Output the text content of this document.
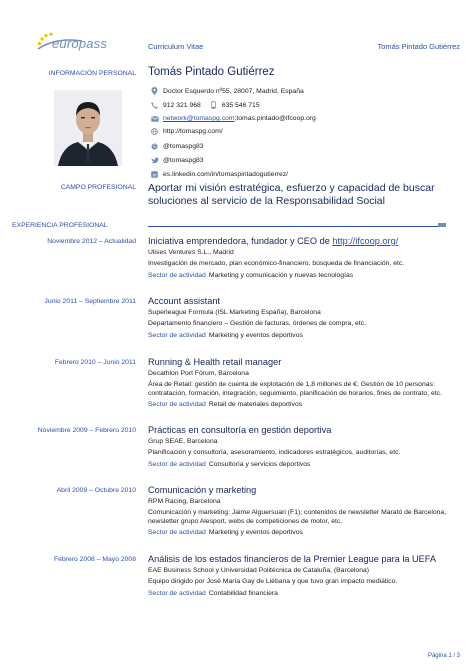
europass	Curriculum Vitae	Tomás Pintado Gutiérrez
INFORMACIÓN PERSONAL Tomás Pintado Gutiérrez
Doctor Esquerdo nº55, 28007, Madrid, España
912 321 968	635 546 715
network@tomaspg.com ; tomas.pintado@ifcoop.org
http://tomaspg.com/
S @tomaspg83
@tomaspg83
in es.linkedin.com/in/tomaspintadogutierrez/
CAMPO PROFESIONAL Aportar mi visión estratégica, esfuerzo y capacidad de buscar soluciones al servicio de la Responsabilidad Social
EXPERIENCIA PROFESIONAL
Noviembre 2012 – Actualidad Iniciativa emprendedora, fundador y CEO de http://ifcoop.org/
Ulises Ventures S.L., Madrid
Investigación de mercado, plan económico-financiero, búsqueda de financiación, etc.
Sector de actividad Marketing y comunicación y nuevas tecnologías
Junio 2011 – Septiembre 2011 Account assistant
Superleague Formula (ISL Marketing España), Barcelona
Departamento financiero – Gestión de facturas, órdenes de compra, etc.
Sector de actividad Marketing y eventos deportivos
Febrero 2010 – Junio 2011 Running & Health retail manager
Decathlon Port Fòrum, Barcelona
Área de Retail: gestión de cuenta de explotación de 1,8 millones de €; Gestión de 10 personas: contratación, formación, integración, seguimiento, planificación de horarios, fines de contrato, etc.
Sector de actividad Retail de materiales deportivos
Noviembre 2009 – Febrero 2010 Prácticas en consultoría en gestión deportiva
Grup SEAE, Barcelona
Planificación y consultoría, asesoramiento, indicadores estratégicos, auditorías, etc.
Sector de actividad Consultoría y servicios deportivos
Abril 2009 – Octubre 2010 Comunicación y marketing
RPM Racing, Barcelona
Comunicación y marketing: Jaime Alguersuari (F1); contenidos de newsletter Marató de Barcelona, newsletter grupo Alesport, webs de competiciones de motor, etc.
Sector de actividad Marketing y eventos deportivos
Febrero 2008 – Mayo 2008 Análisis de los estados financieros de la Premier League para la UEFA
EAE Business School y Universidad Politécnica de Cataluña, (Barcelona)
Equipo dirigido por José María Gay de Liébana y que tuvo gran impacto mediático.
Sector de actividad Contabilidad financiera
Página 1 / 3
